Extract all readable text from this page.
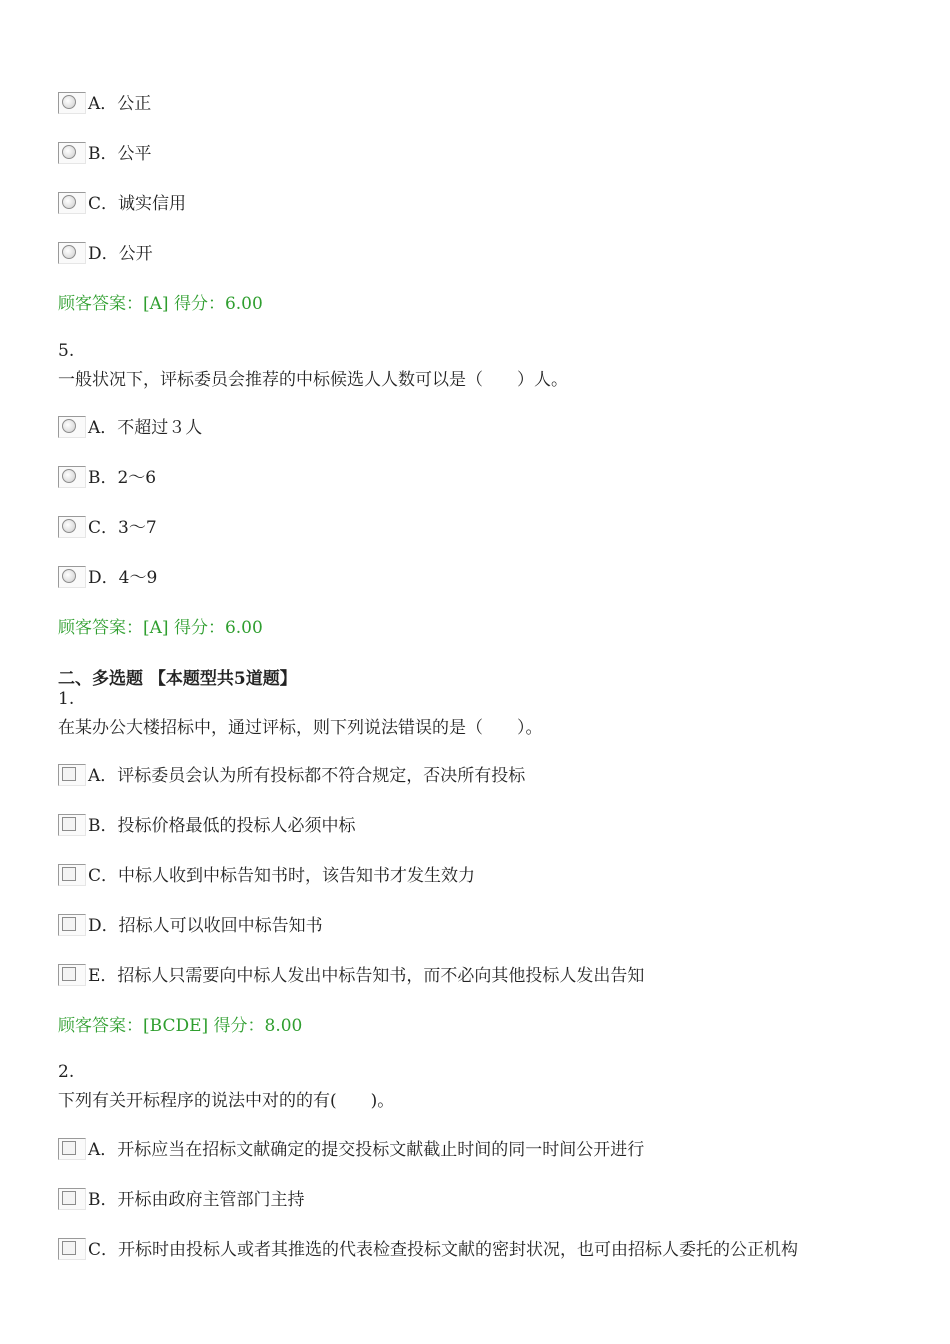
A．公正
B．公平
C．诚实信用
D．公开
顾客答案：[A] 得分：6.00
5.
一般状况下，评标委员会推荐的中标候选人人数可以是（　　）人。
A．不超过３人
B．2～6
C．3～7
D．4～9
顾客答案：[A] 得分：6.00
二、多选题 【本题型共5道题】
1.
在某办公大楼招标中，通过评标，则下列说法错误的是（　　）。
A．评标委员会认为所有投标都不符合规定，否决所有投标
B．投标价格最低的投标人必须中标
C．中标人收到中标告知书时，该告知书才发生效力
D．招标人可以收回中标告知书
E．招标人只需要向中标人发出中标告知书，而不必向其他投标人发出告知
顾客答案：[BCDE] 得分：8.00
2.
下列有关开标程序的说法中对的的有(　　)。
A．开标应当在招标文献确定的提交投标文献截止时间的同一时间公开进行
B．开标由政府主管部门主持
C．开标时由投标人或者其推选的代表检查投标文献的密封状况，也可由招标人委托的公正机构
